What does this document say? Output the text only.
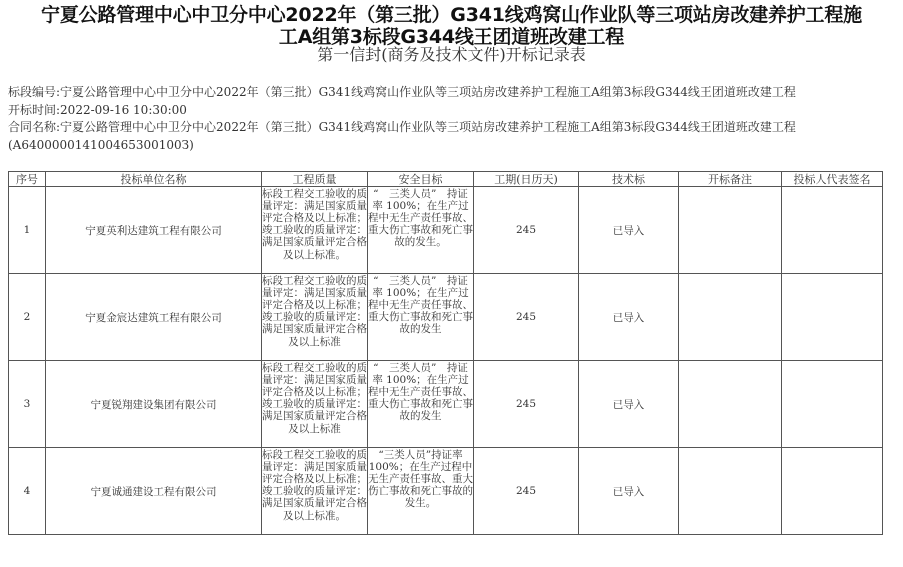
宁夏公路管理中心中卫分中心2022年（第三批）G341线鸡窝山作业队等三项站房改建养护工程施
工A组第3标段G344线王团道班改建工程
第一信封(商务及技术文件)开标记录表
标段编号:宁夏公路管理中心中卫分中心2022年（第三批）G341线鸡窝山作业队等三项站房改建养护工程施工A组第3标段G344线王团道班改建工程
开标时间:2022-09-16 10:30:00
合同名称:宁夏公路管理中心中卫分中心2022年（第三批）G341线鸡窝山作业队等三项站房改建养护工程施工A组第3标段G344线王团道班改建工程
(A640000014100465300100З)
序号	投标单位名称	工程质量	安全目标	工期(日历天)	技术标	开标备注	投标人代表签名
1	宁夏英利达建筑工程有限公司	标段工程交工验收的质量评定：满足国家质量评定合格及以上标准；竣工验收的质量评定：满足国家质量评定合格及以上标准。	“　三类人员”　持证率 100%；在生产过程中无生产责任事故、重大伤亡事故和死亡事故的发生。	245	已导入		
2	宁夏金宸达建筑工程有限公司	标段工程交工验收的质量评定：满足国家质量评定合格及以上标准；竣工验收的质量评定：满足国家质量评定合格及以上标准	“　三类人员”　持证率 100%；在生产过程中无生产责任事故、重大伤亡事故和死亡事故的发生	245	已导入		
3	宁夏锐翔建设集团有限公司	标段工程交工验收的质量评定：满足国家质量评定合格及以上标准；竣工验收的质量评定：满足国家质量评定合格及以上标准	“　三类人员”　持证率 100%；在生产过程中无生产责任事故、重大伤亡事故和死亡事故的发生	245	已导入		
4	宁夏诚通建设工程有限公司	标段工程交工验收的质量评定：满足国家质量评定合格及以上标准；竣工验收的质量评定：满足国家质量评定合格及以上标准。	“三类人员”持证率100%；在生产过程中无生产责任事故、重大伤亡事故和死亡事故的发生。	245	已导入		
